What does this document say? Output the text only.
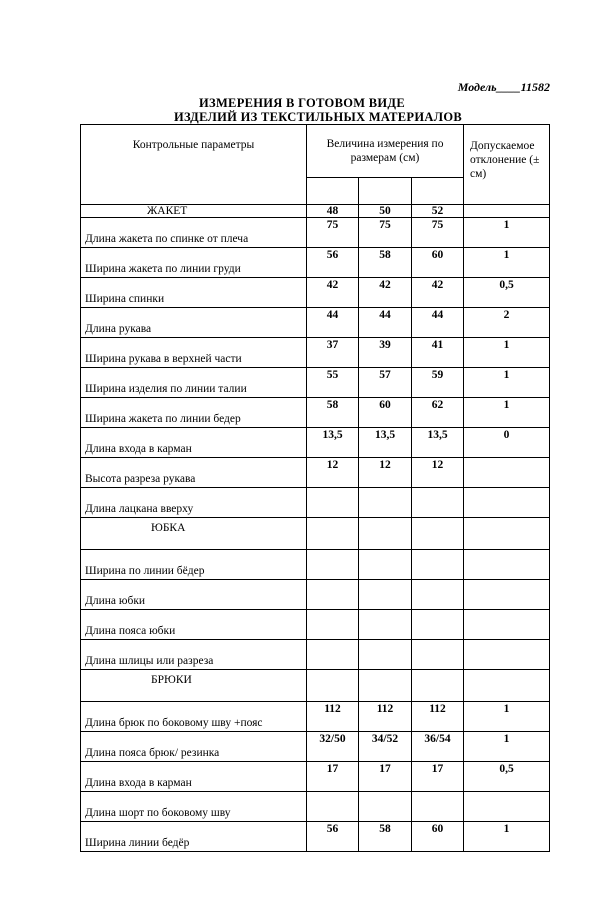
Модель____11582
ИЗМЕРЕНИЯ В ГОТОВОМ ВИДЕ
ИЗДЕЛИЙ ИЗ ТЕКСТИЛЬНЫХ МАТЕРИАЛОВ
Контрольные параметры	Величина измерения по размерам (см)			Допускаемое отклонение (± см)

ЖАКЕТ	48	50	52	
Длина жакета по спинке от плеча	75	75	75	1
Ширина жакета по линии груди	56	58	60	1
Ширина спинки	42	42	42	0,5
Длина рукава	44	44	44	2
Ширина рукава в верхней части	37	39	41	1
Ширина изделия по линии талии	55	57	59	1
Ширина жакета по линии бедер	58	60	62	1
Длина входа в карман	13,5	13,5	13,5	0
Высота разреза рукава	12	12	12	
Длина лацкана вверху				
ЮБКА				
Ширина по линии бёдер				
Длина юбки				
Длина пояса юбки				
Длина шлицы или разреза				
БРЮКИ				
Длина брюк по боковому шву +пояс	112	112	112	1
Длина пояса брюк/ резинка	32/50	34/52	36/54	1
Длина входа в карман	17	17	17	0,5
Длина шорт по боковому шву				
Ширина линии бедёр	56	58	60	1
